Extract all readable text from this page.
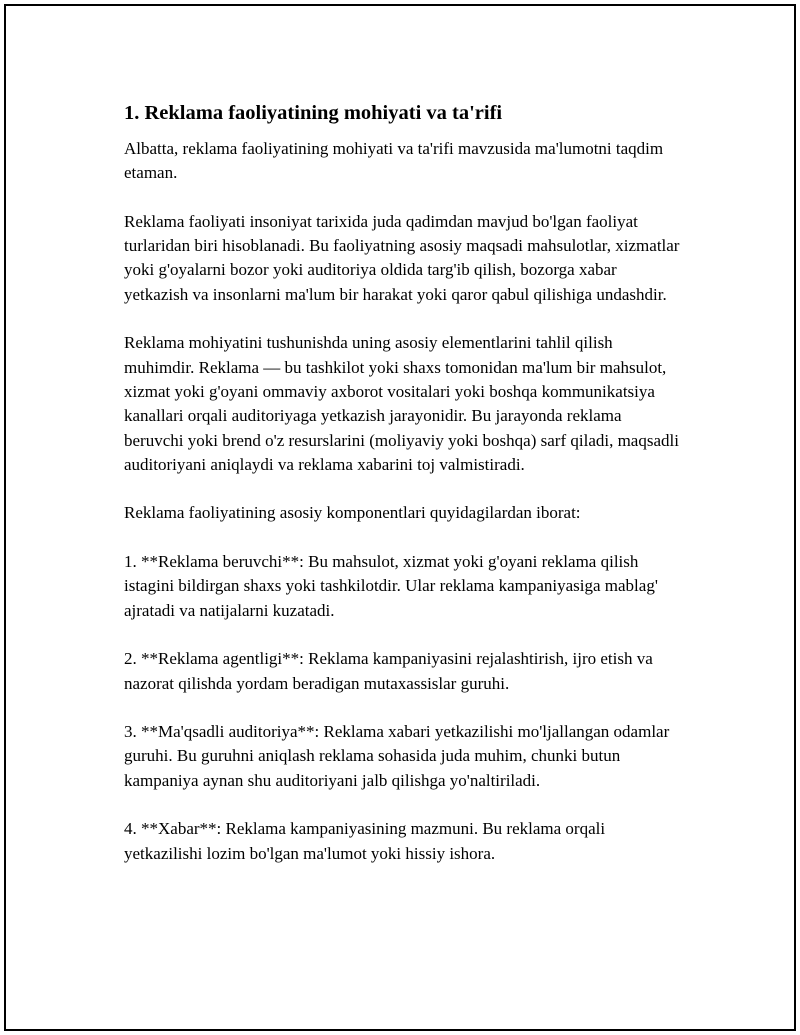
1. Reklama faoliyatining mohiyati va ta'rifi

Albatta, reklama faoliyatining mohiyati va ta'rifi mavzusida ma'lumotni taqdim etaman.

Reklama faoliyati insoniyat tarixida juda qadimdan mavjud bo'lgan faoliyat turlaridan biri hisoblanadi. Bu faoliyatning asosiy maqsadi mahsulotlar, xizmatlar yoki g'oyalarni bozor yoki auditoriya oldida targ'ib qilish, bozorga xabar yetkazish va insonlarni ma'lum bir harakat yoki qaror qabul qilishiga undashdir.

Reklama mohiyatini tushunishda uning asosiy elementlarini tahlil qilish muhimdir. Reklama — bu tashkilot yoki shaxs tomonidan ma'lum bir mahsulot, xizmat yoki g'oyani ommaviy axborot vositalari yoki boshqa kommunikatsiya kanallari orqali auditoriyaga yetkazish jarayonidir. Bu jarayonda reklama beruvchi yoki brend o'z resurslarini (moliyaviy yoki boshqa) sarf qiladi, maqsadli auditoriyani aniqlaydi va reklama xabarini toj valmistiradi.

Reklama faoliyatining asosiy komponentlari quyidagilardan iborat:

1. **Reklama beruvchi**: Bu mahsulot, xizmat yoki g'oyani reklama qilish istagini bildirgan shaxs yoki tashkilotdir. Ular reklama kampaniyasiga mablag' ajratadi va natijalarni kuzatadi.

2. **Reklama agentligi**: Reklama kampaniyasini rejalashtirish, ijro etish va nazorat qilishda yordam beradigan mutaxassislar guruhi.

3. **Ma'qsadli auditoriya**: Reklama xabari yetkazilishi mo'ljallangan odamlar guruhi. Bu guruhni aniqlash reklama sohasida juda muhim, chunki butun kampaniya aynan shu auditoriyani jalb qilishga yo'naltiriladi.

4. **Xabar**: Reklama kampaniyasining mazmuni. Bu reklama orqali yetkazilishi lozim bo'lgan ma'lumot yoki hissiy ishora.
